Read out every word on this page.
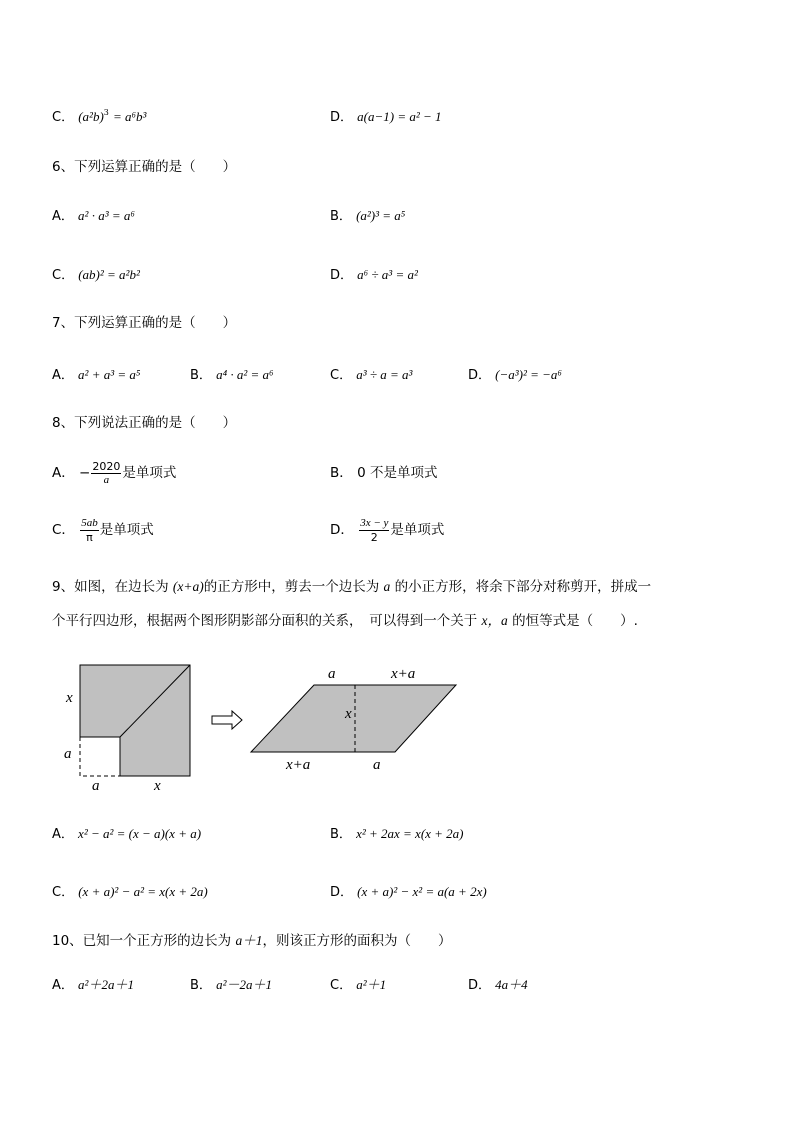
C． $(a^2b)^3 = a^6b^3$	D． a(a−1) = a² − 1
6、下列运算正确的是（　　）
A． a² · a³ = a⁶	B． (a²)³ = a⁵
C． (ab)² = a²b²	D． a⁶ ÷ a³ = a²
7、下列运算正确的是（　　）
A． a² + a³ = a⁵	B． a⁴ · a² = a⁶	C． a³ ÷ a = a³	D． (−a³)² = −a⁶
8、下列说法正确的是（　　）
A． − $\frac{2020}{a}$ 是单项式	B． 0 不是单项式
C． $\frac{5ab}{\pi}$ 是单项式	D． $\frac{3x - y}{2}$ 是单项式
9、如图，在边长为 (x+a)的正方形中，剪去一个边长为 a 的小正方形，将余下部分对称剪开，拼成一
个平行四边形，根据两个图形阴影部分面积的关系，　可以得到一个关于 x，a 的恒等式是（　　）.
x
a
a	x
a	x+a
x
x+a	a
A． x² − a² = (x − a)(x + a)	B． x² + 2ax = x(x + 2a)
C． (x + a)² − a² = x(x + 2a)	D． (x + a)² − x² = a(a + 2x)
10、已知一个正方形的边长为 a＋1，则该正方形的面积为（　　）
A． a²＋2a＋1	B． a²－2a＋1	C． a²＋1	D． 4a＋4
